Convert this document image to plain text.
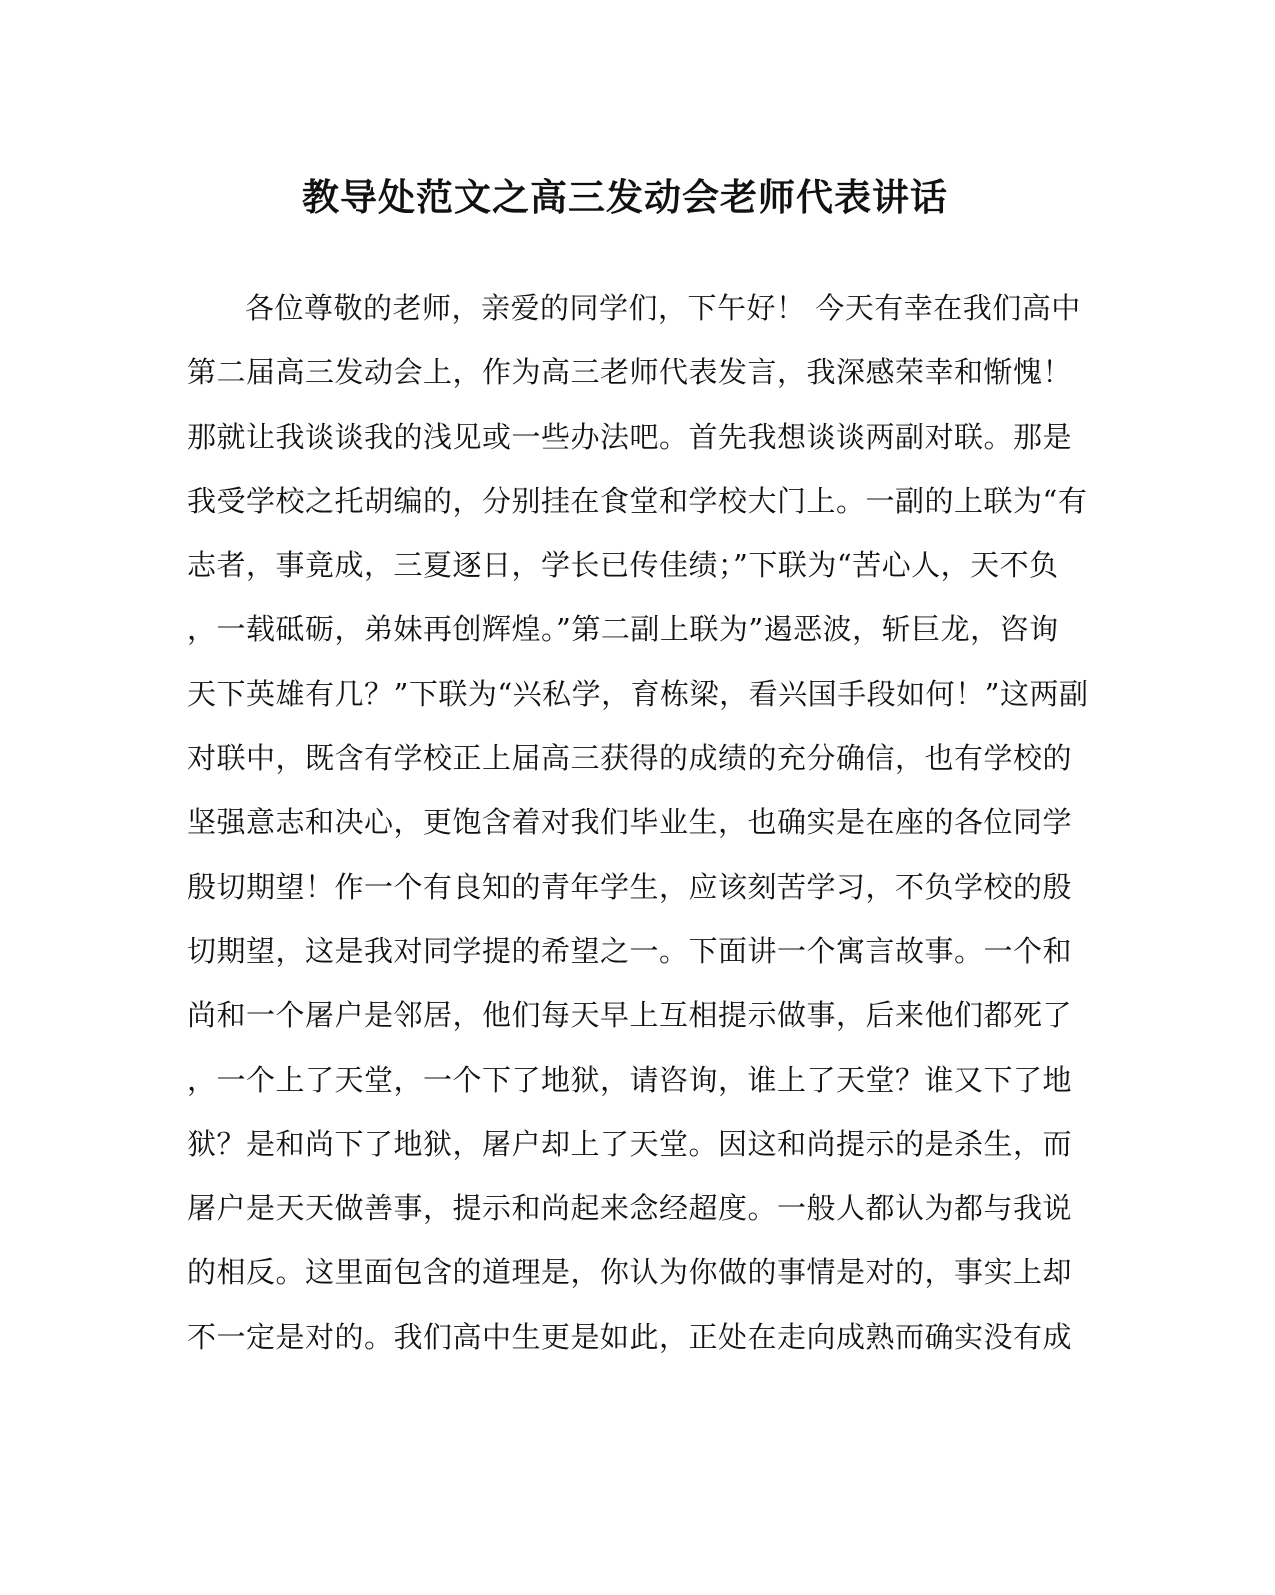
教导处范文之高三发动会老师代表讲话
各位尊敬的老师，亲爱的同学们，下午好！ 今天有幸在我们高中
第二届高三发动会上，作为高三老师代表发言，我深感荣幸和惭愧！
那就让我谈谈我的浅见或一些办法吧。首先我想谈谈两副对联。那是
我受学校之托胡编的，分别挂在食堂和学校大门上。一副的上联为“有
志者，事竟成，三夏逐日，学长已传佳绩；”下联为“苦心人，天不负
，一载砥砺，弟妹再创辉煌。”第二副上联为”遏恶波，斩巨龙，咨询
天下英雄有几？”下联为“兴私学，育栋梁，看兴国手段如何！”这两副
对联中，既含有学校正上届高三获得的成绩的充分确信，也有学校的
坚强意志和决心，更饱含着对我们毕业生，也确实是在座的各位同学
殷切期望！作一个有良知的青年学生，应该刻苦学习，不负学校的殷
切期望，这是我对同学提的希望之一。下面讲一个寓言故事。一个和
尚和一个屠户是邻居，他们每天早上互相提示做事，后来他们都死了
，一个上了天堂，一个下了地狱，请咨询，谁上了天堂？谁又下了地
狱？是和尚下了地狱，屠户却上了天堂。因这和尚提示的是杀生，而
屠户是天天做善事，提示和尚起来念经超度。一般人都认为都与我说
的相反。这里面包含的道理是，你认为你做的事情是对的，事实上却
不一定是对的。我们高中生更是如此，正处在走向成熟而确实没有成
